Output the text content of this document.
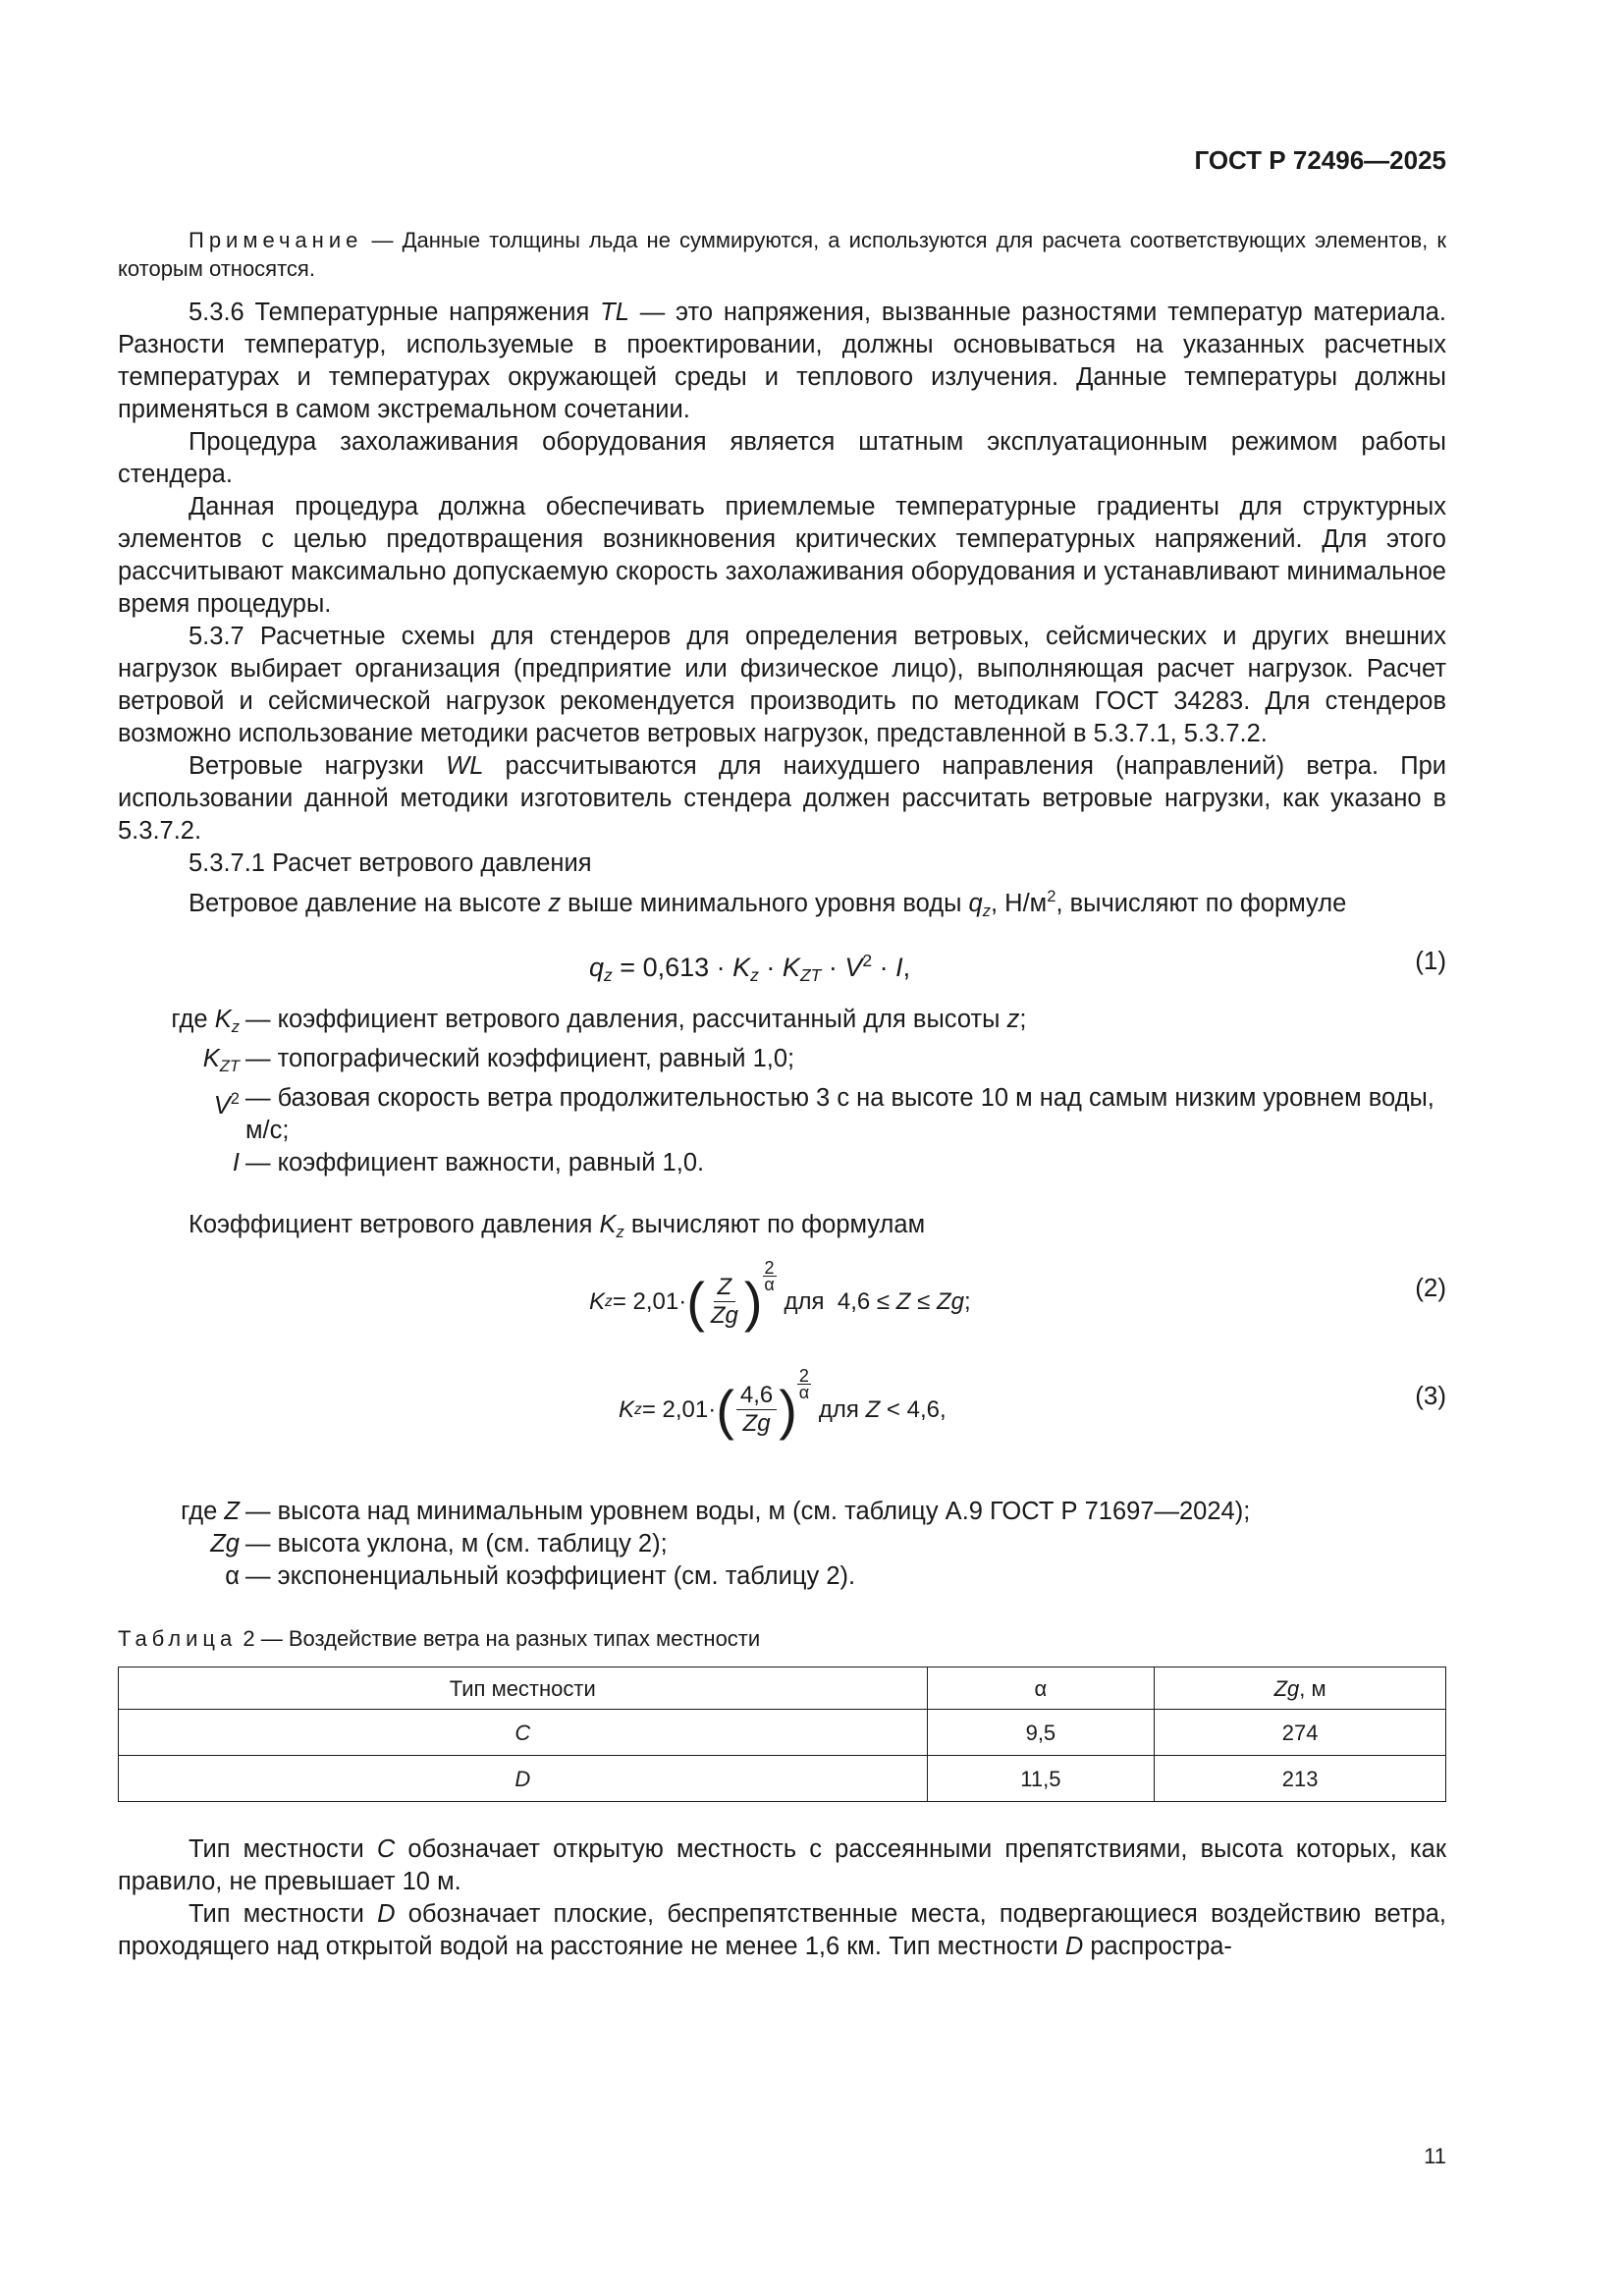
ГОСТ Р 72496—2025

Примечание — Данные толщины льда не суммируются, а используются для расчета соответствующих элементов, к которым относятся.

5.3.6 Температурные напряжения TL — это напряжения, вызванные разностями температур материала. Разности температур, используемые в проектировании, должны основываться на указанных расчетных температурах и температурах окружающей среды и теплового излучения. Данные температуры должны применяться в самом экстремальном сочетании.

Процедура захолаживания оборудования является штатным эксплуатационным режимом работы стендера.

Данная процедура должна обеспечивать приемлемые температурные градиенты для структурных элементов с целью предотвращения возникновения критических температурных напряжений. Для этого рассчитывают максимально допускаемую скорость захолаживания оборудования и устанавливают минимальное время процедуры.

5.3.7 Расчетные схемы для стендеров для определения ветровых, сейсмических и других внешних нагрузок выбирает организация (предприятие или физическое лицо), выполняющая расчет нагрузок. Расчет ветровой и сейсмической нагрузок рекомендуется производить по методикам ГОСТ 34283. Для стендеров возможно использование методики расчетов ветровых нагрузок, представленной в 5.3.7.1, 5.3.7.2.

Ветровые нагрузки WL рассчитываются для наихудшего направления (направлений) ветра. При использовании данной методики изготовитель стендера должен рассчитать ветровые нагрузки, как указано в 5.3.7.2.

5.3.7.1 Расчет ветрового давления

Ветровое давление на высоте z выше минимального уровня воды $q_z$, $Н/м^2$, вычисляют по формуле

$q_z = 0,613 \cdot K_z \cdot K_{ZT} \cdot V^2 \cdot I$,	(1)
где $K_z$ — коэффициент ветрового давления, рассчитанный для высоты z;
$K_{ZT}$ — топографический коэффициент, равный 1,0;
$V^2$ — базовая скорость ветра продолжительностью 3 с на высоте 10 м над самым низким уровнем воды, м/с;
I — коэффициент важности, равный 1,0.

Коэффициент ветрового давления $K_z$ вычисляют по формулам

K z = 2,01· ( $\frac{Z}{Zg}$ )
2
α
для  4,6 ≤ Z ≤ Zg ;	(2)
K z = 2,01· ( $\frac{4,6}{Zg}$ )
2
α
для Z < 4,6,	(3)
где Z — высота над минимальным уровнем воды, м (см. таблицу А.9 ГОСТ Р 71697—2024);
Zg — высота уклона, м (см. таблицу 2);
α — экспоненциальный коэффициент (см. таблицу 2).
Таблица 2 — Воздействие ветра на разных типах местности
Тип местности	α	Zg, м
C	9,5	274
D	11,5	213

Тип местности C обозначает открытую местность с рассеянными препятствиями, высота которых, как правило, не превышает 10 м.

Тип местности D обозначает плоские, беспрепятственные места, подвергающиеся воздействию ветра, проходящего над открытой водой на расстояние не менее 1,6 км. Тип местности D распростра-

11
